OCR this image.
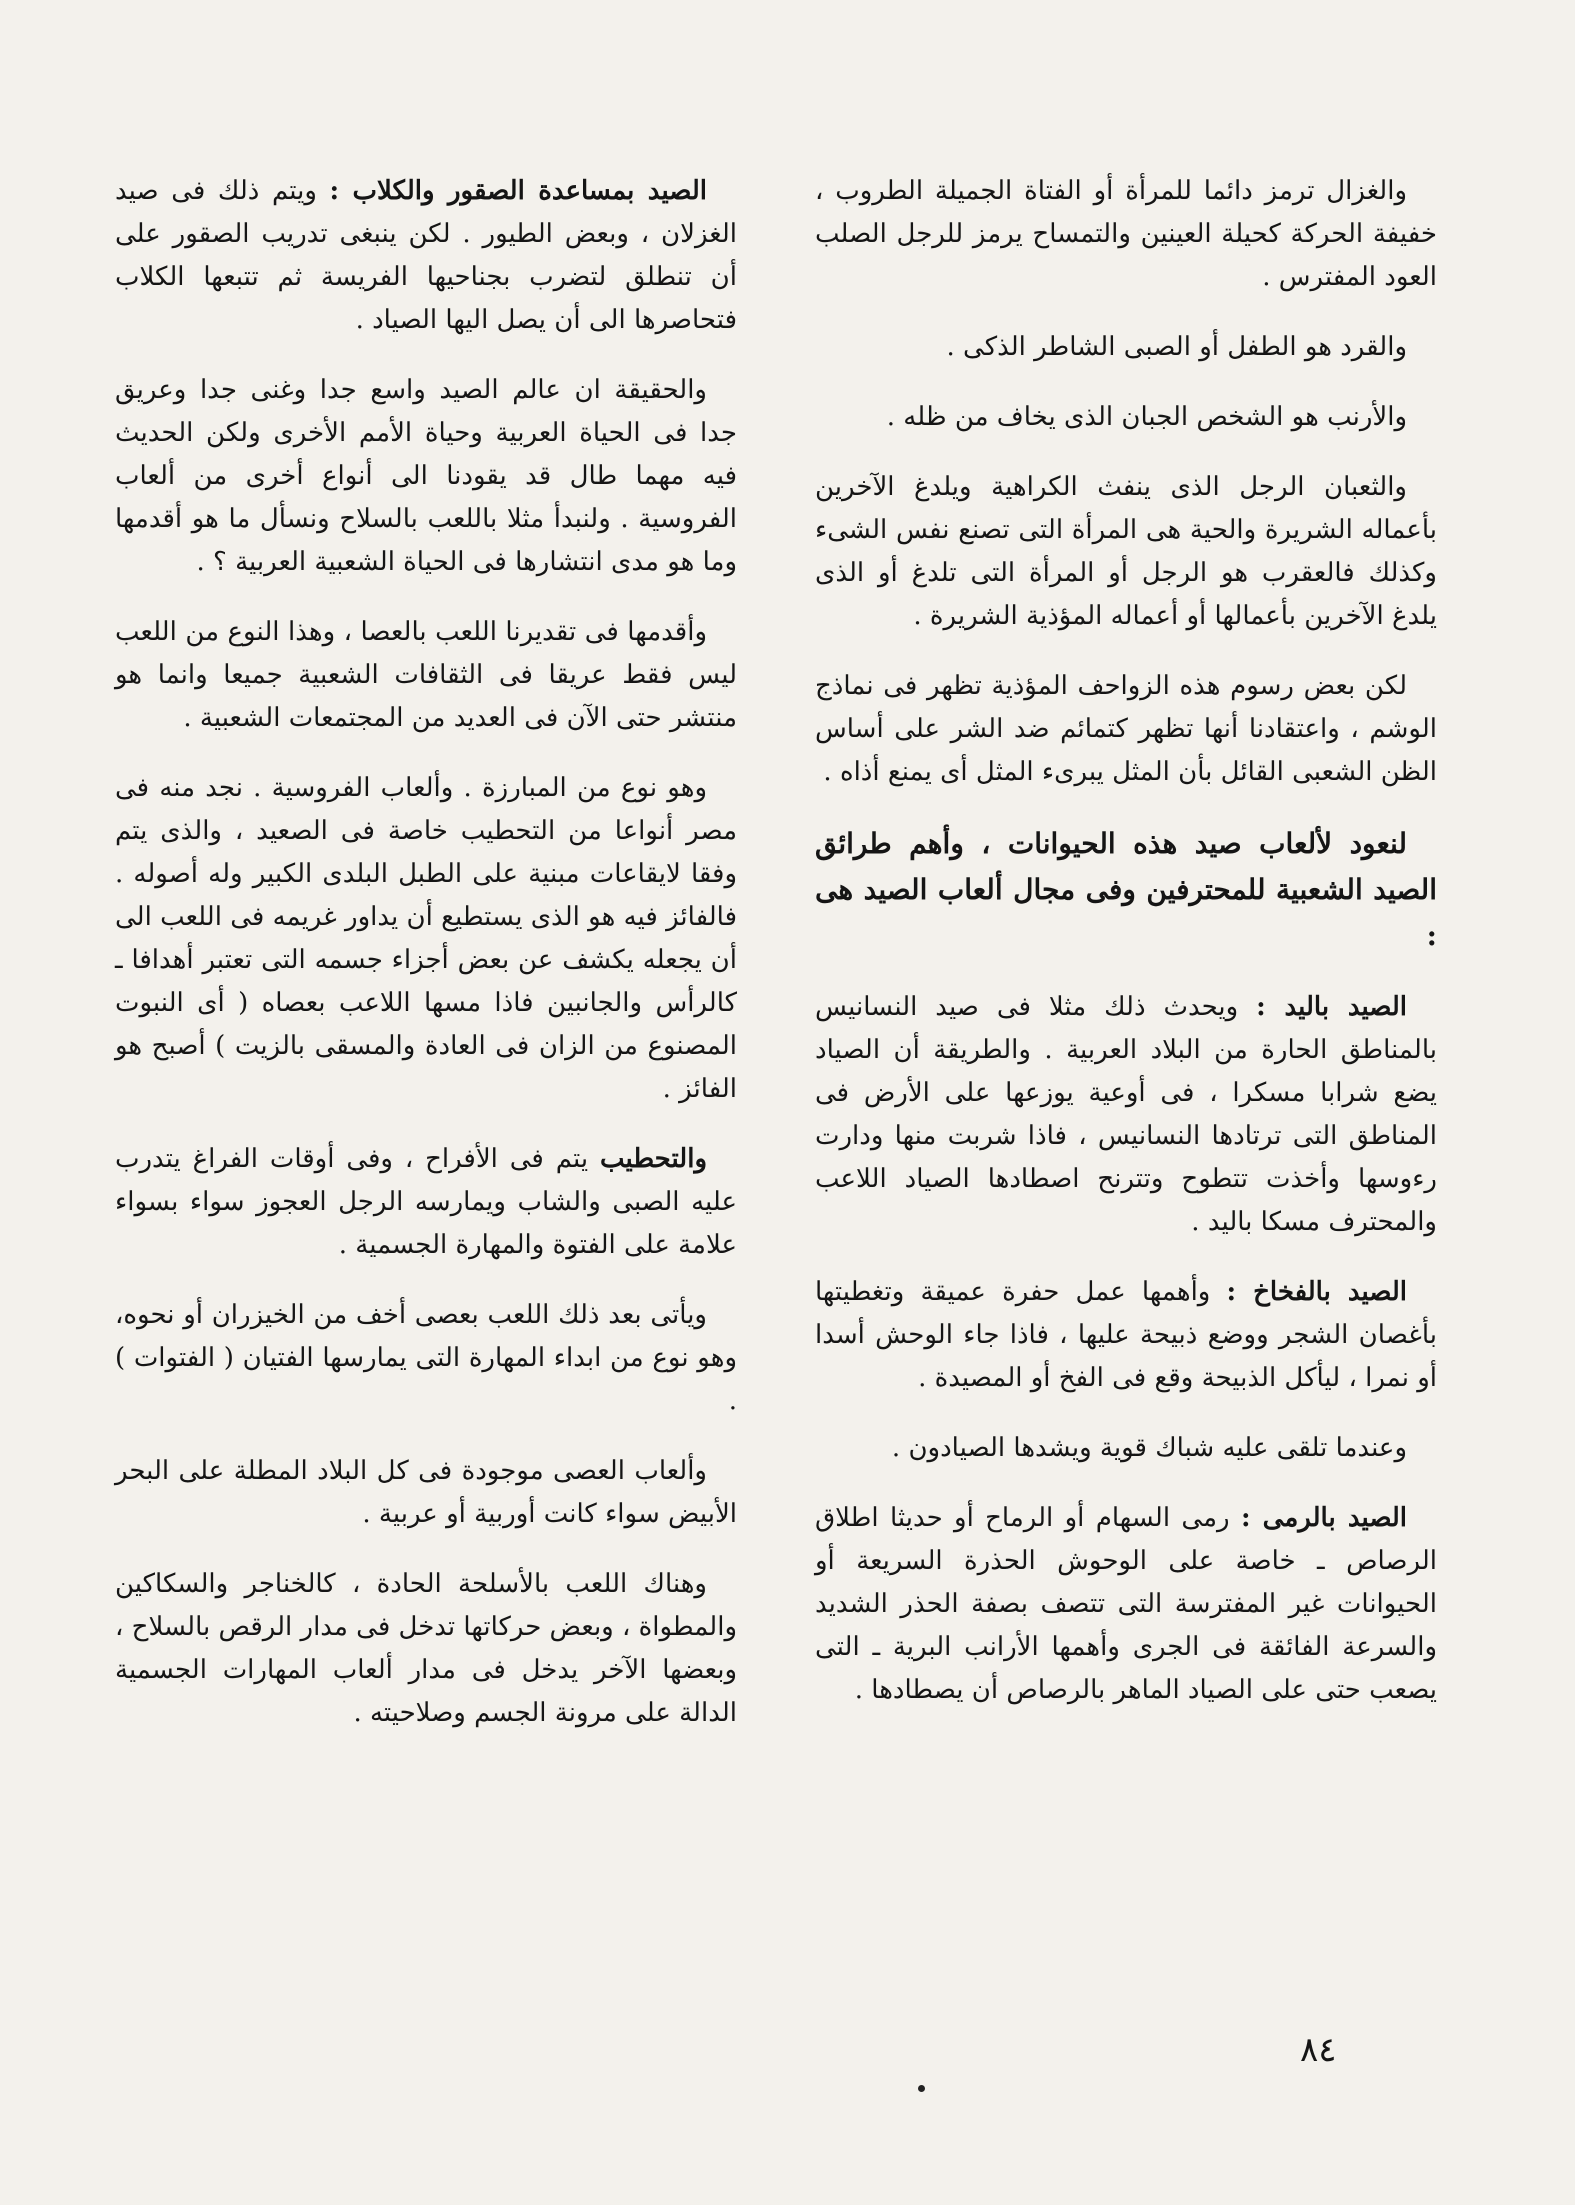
والغزال ترمز دائما للمرأة أو الفتاة الجميلة الطروب ، خفيفة الحركة كحيلة العينين والتمساح يرمز للرجل الصلب العود المفترس .

والقرد هو الطفل أو الصبى الشاطر الذكى .

والأرنب هو الشخص الجبان الذى يخاف من ظله .

والثعبان الرجل الذى ينفث الكراهية ويلدغ الآخرين بأعماله الشريرة والحية هى المرأة التى تصنع نفس الشىء وكذلك فالعقرب هو الرجل أو المرأة التى تلدغ أو الذى يلدغ الآخرين بأعمالها أو أعماله المؤذية الشريرة .

لكن بعض رسوم هذه الزواحف المؤذية تظهر فى نماذج الوشم ، واعتقادنا أنها تظهر كتمائم ضد الشر على أساس الظن الشعبى القائل بأن المثل يبرىء المثل أى يمنع أذاه .

لنعود لألعاب صيد هذه الحيوانات ، وأهم طرائق الصيد الشعبية للمحترفين وفى مجال ألعاب الصيد هى :

الصيد باليد : ويحدث ذلك مثلا فى صيد النسانيس بالمناطق الحارة من البلاد العربية . والطريقة أن الصياد يضع شرابا مسكرا ، فى أوعية يوزعها على الأرض فى المناطق التى ترتادها النسانيس ، فاذا شربت منها ودارت رءوسها وأخذت تتطوح وتترنح اصطادها الصياد اللاعب والمحترف مسكا باليد .

الصيد بالفخاخ : وأهمها عمل حفرة عميقة وتغطيتها بأغصان الشجر ووضع ذبيحة عليها ، فاذا جاء الوحش أسدا أو نمرا ، ليأكل الذبيحة وقع فى الفخ أو المصيدة .

وعندما تلقى عليه شباك قوية ويشدها الصيادون .

الصيد بالرمى : رمى السهام أو الرماح أو حديثا اطلاق الرصاص ـ خاصة على الوحوش الحذرة السريعة أو الحيوانات غير المفترسة التى تتصف بصفة الحذر الشديد والسرعة الفائقة فى الجرى وأهمها الأرانب البرية ـ التى يصعب حتى على الصياد الماهر بالرصاص أن يصطادها .

الصيد بمساعدة الصقور والكلاب : ويتم ذلك فى صيد الغزلان ، وبعض الطيور . لكن ينبغى تدريب الصقور على أن تنطلق لتضرب بجناحيها الفريسة ثم تتبعها الكلاب فتحاصرها الى أن يصل اليها الصياد .

والحقيقة ان عالم الصيد واسع جدا وغنى جدا وعريق جدا فى الحياة العربية وحياة الأمم الأخرى ولكن الحديث فيه مهما طال قد يقودنا الى أنواع أخرى من ألعاب الفروسية . ولنبدأ مثلا باللعب بالسلاح ونسأل ما هو أقدمها وما هو مدى انتشارها فى الحياة الشعبية العربية ؟ .

وأقدمها فى تقديرنا اللعب بالعصا ، وهذا النوع من اللعب ليس فقط عريقا فى الثقافات الشعبية جميعا وانما هو منتشر حتى الآن فى العديد من المجتمعات الشعبية .

وهو نوع من المبارزة . وألعاب الفروسية . نجد منه فى مصر أنواعا من التحطيب خاصة فى الصعيد ، والذى يتم وفقا لايقاعات مبنية على الطبل البلدى الكبير وله أصوله . فالفائز فيه هو الذى يستطيع أن يداور غريمه فى اللعب الى أن يجعله يكشف عن بعض أجزاء جسمه التى تعتبر أهدافا ـ كالرأس والجانبين فاذا مسها اللاعب بعصاه ( أى النبوت المصنوع من الزان فى العادة والمسقى بالزيت ) أصبح هو الفائز .

والتحطيب يتم فى الأفراح ، وفى أوقات الفراغ يتدرب عليه الصبى والشاب ويمارسه الرجل العجوز سواء بسواء علامة على الفتوة والمهارة الجسمية .

ويأتى بعد ذلك اللعب بعصى أخف من الخيزران أو نحوه، وهو نوع من ابداء المهارة التى يمارسها الفتيان ( الفتوات ) .

وألعاب العصى موجودة فى كل البلاد المطلة على البحر الأبيض سواء كانت أوربية أو عربية .

وهناك اللعب بالأسلحة الحادة ، كالخناجر والسكاكين والمطواة ، وبعض حركاتها تدخل فى مدار الرقص بالسلاح ، وبعضها الآخر يدخل فى مدار ألعاب المهارات الجسمية الدالة على مرونة الجسم وصلاحيته .

٨٤
